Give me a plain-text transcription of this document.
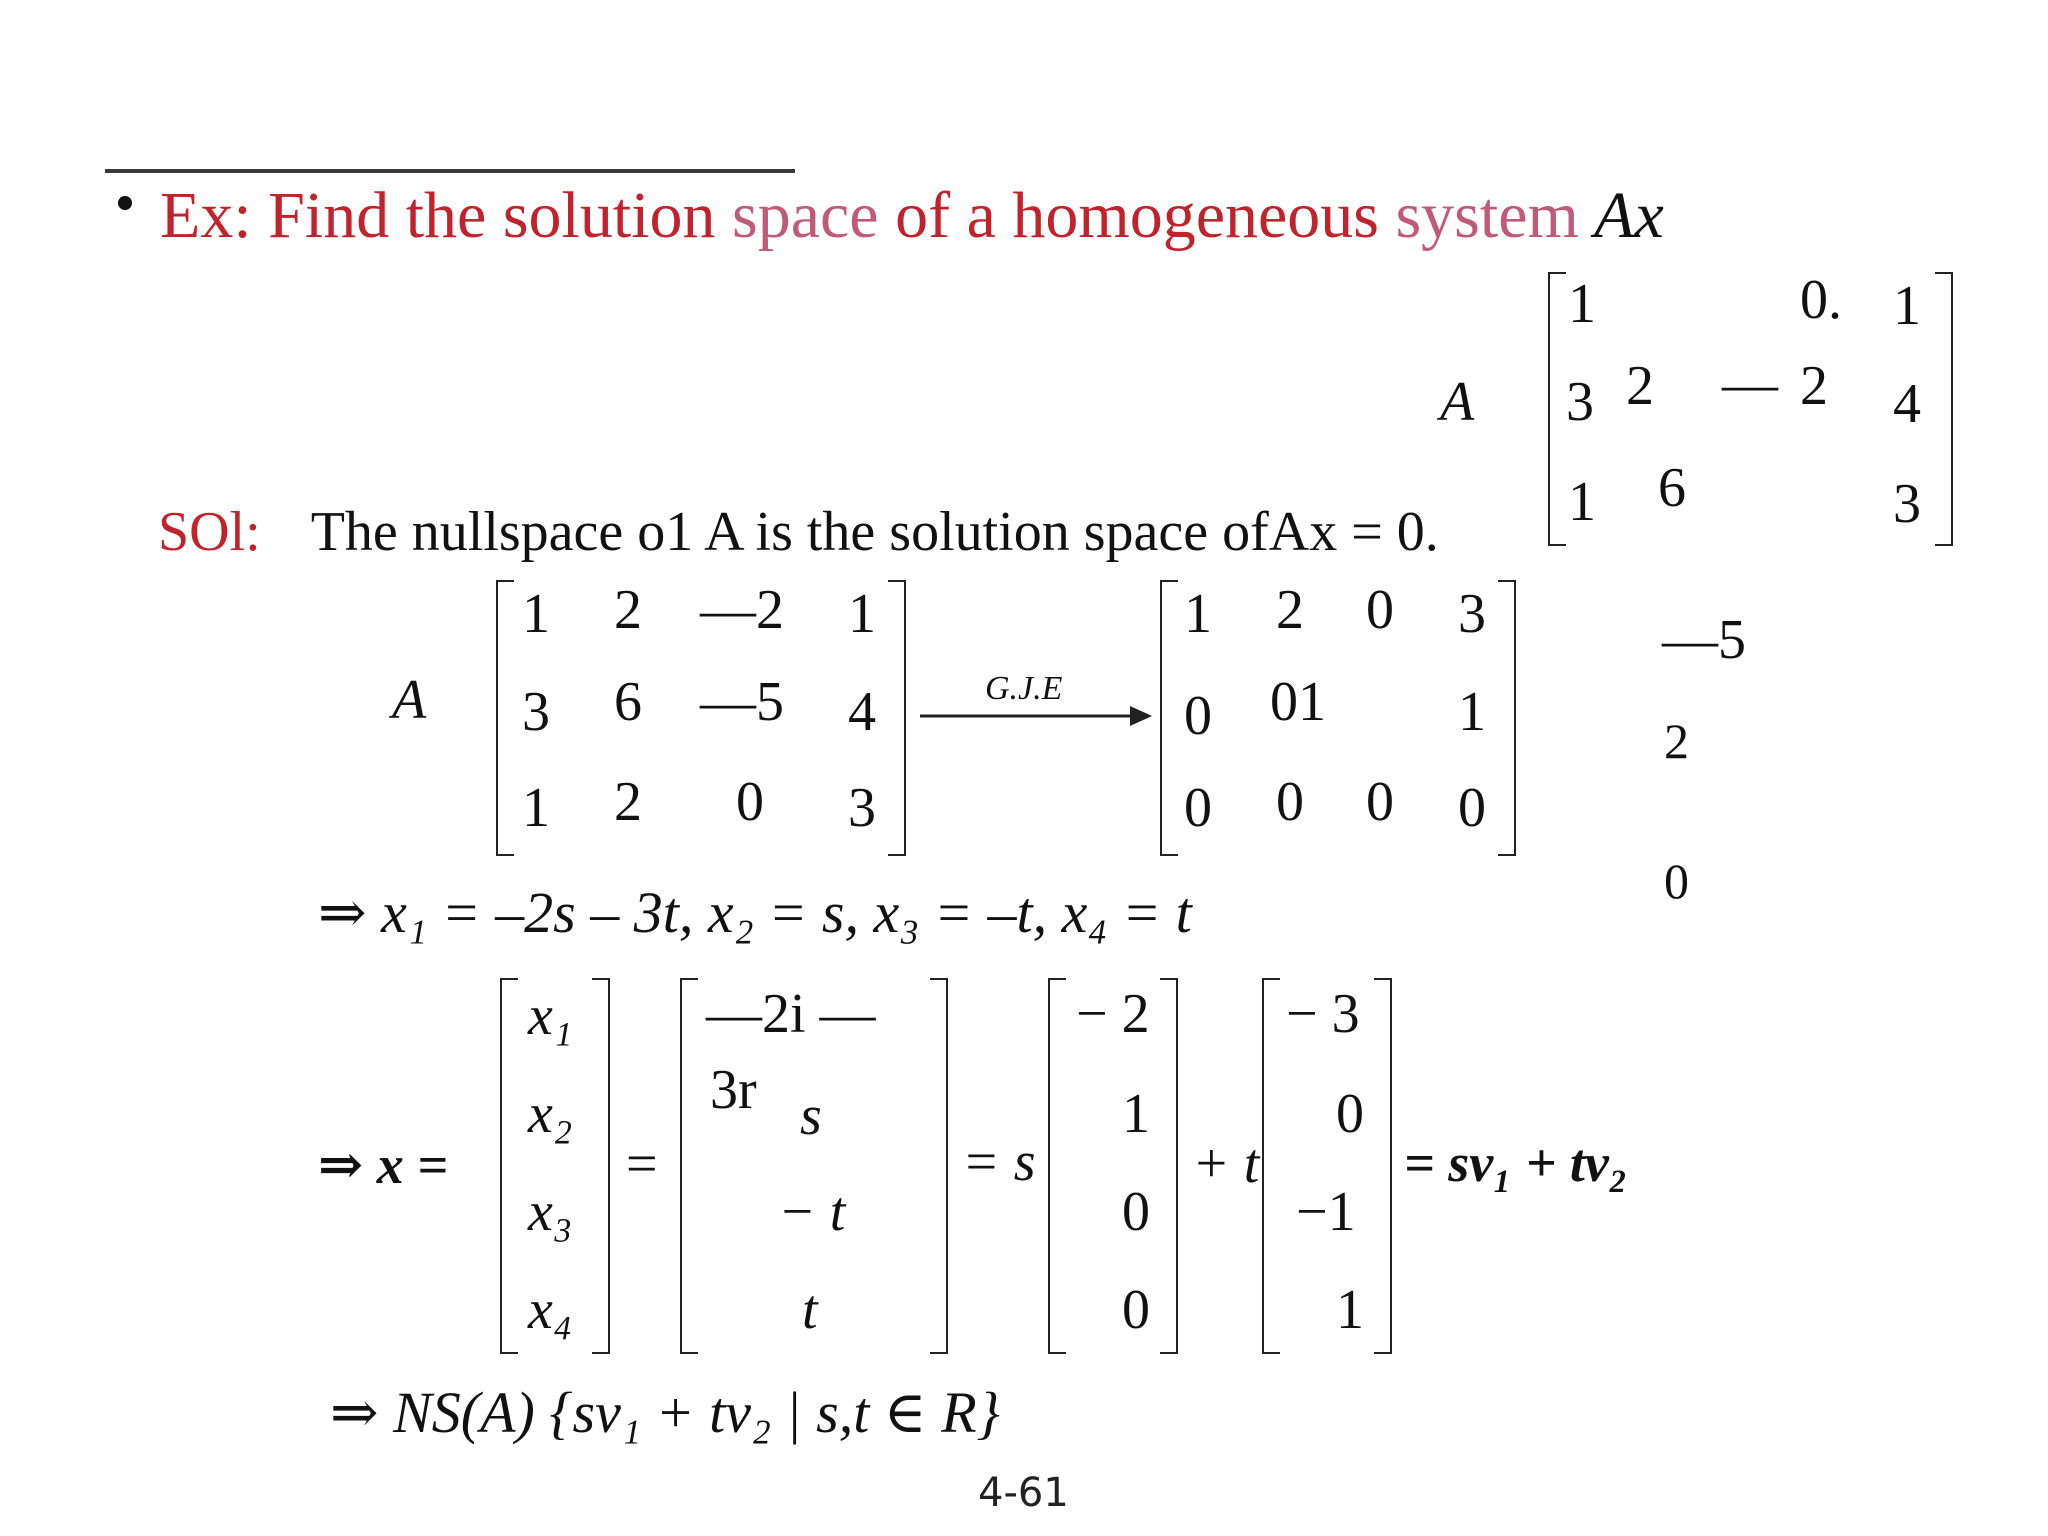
Ex: Find the solution space of a homogeneous system Ax
A
1	0. 1
3 2 — 2 4
1 6	3
SOl: The nullspace o1 A is the solution space ofAx = 0.
A
1 2 —2 1
3 6 —5 4
1 2 0 3
G.J.E
1 2 0 3
0 01 1
0 0 0 0
—5
2
0
⇒ x₁ = –2s – 3t, x₂ = s, x₃ = –t, x₄ = t
⇒ x =
x₁
x₂
x₃
x₄
=
—2i —
3r s
− t
t
= s
− 2
1
0
0
+ t
− 3
0
−1
1
= sv₁ + tv₂
⇒ NS(A) {sv₁ + tv₂ | s,t ∈ R}
4-61
